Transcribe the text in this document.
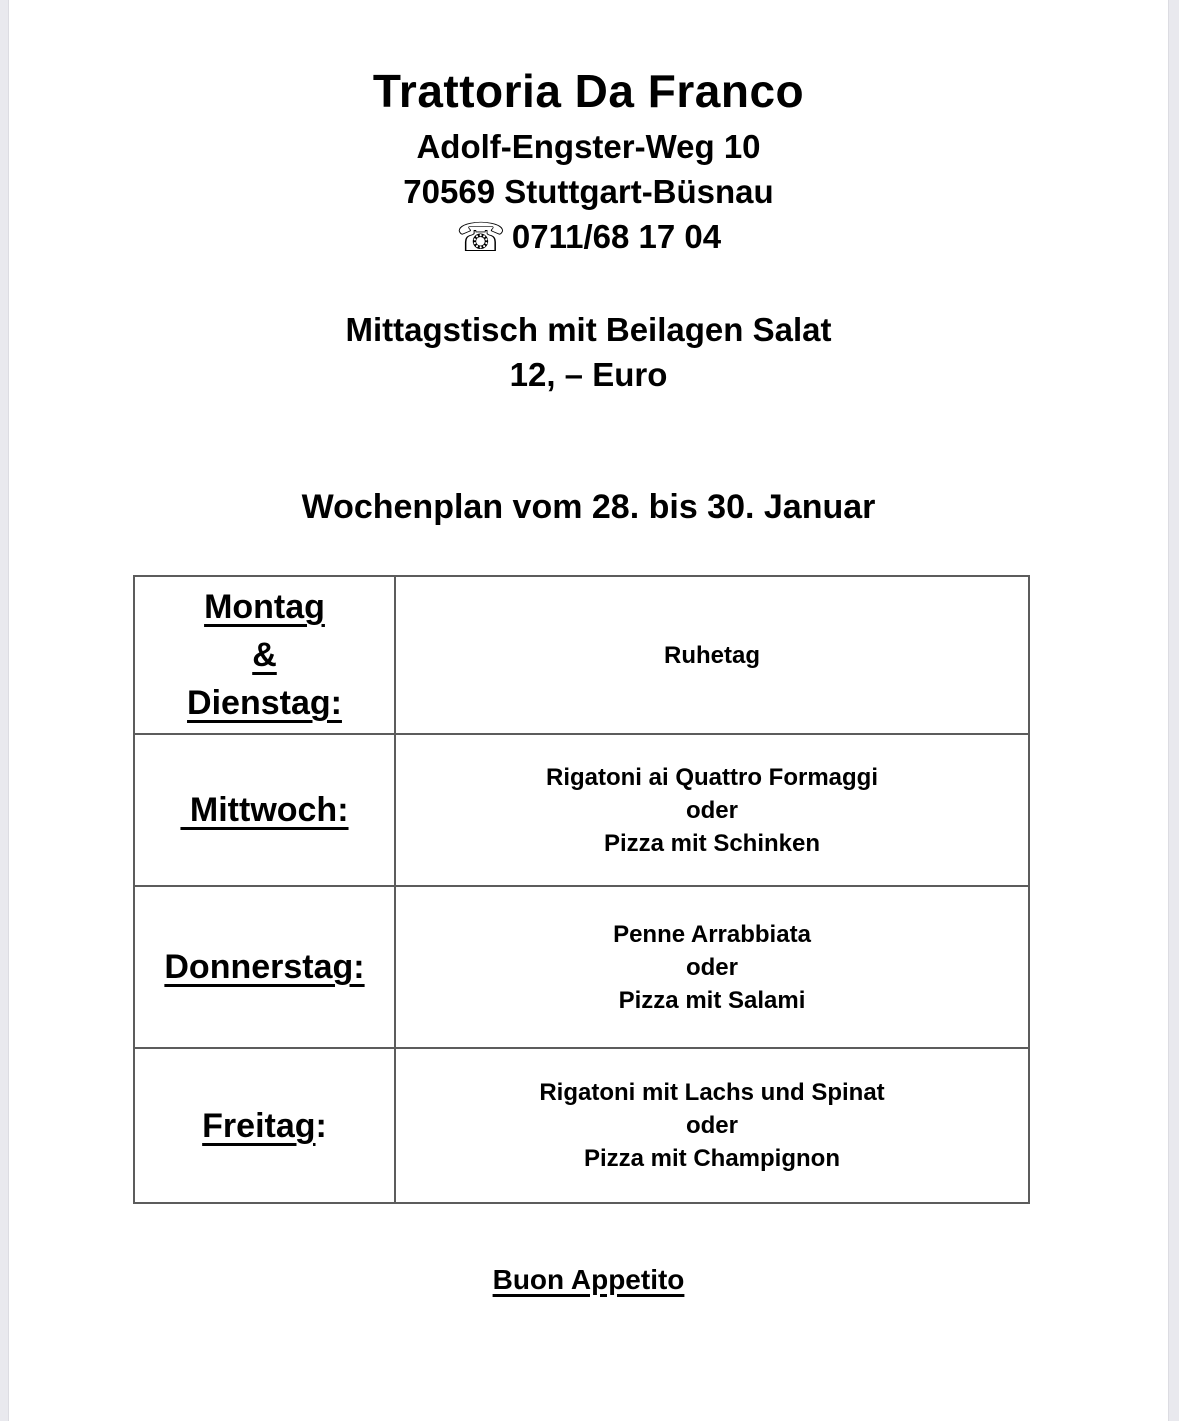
Trattoria Da Franco
Adolf-Engster-Weg 10
70569 Stuttgart-Büsnau
☏ 0711/68 17 04
Mittagstisch mit Beilagen Salat
12, – Euro
Wochenplan vom 28. bis 30. Januar
Montag
&
Dienstag:	Ruhetag

Mittwoch:	Rigatoni ai Quattro Formaggi
oder
Pizza mit Schinken

Donnerstag:	Penne Arrabbiata
oder
Pizza mit Salami

Freitag:	Rigatoni mit Lachs und Spinat
oder
Pizza mit Champignon
Buon Appetito
